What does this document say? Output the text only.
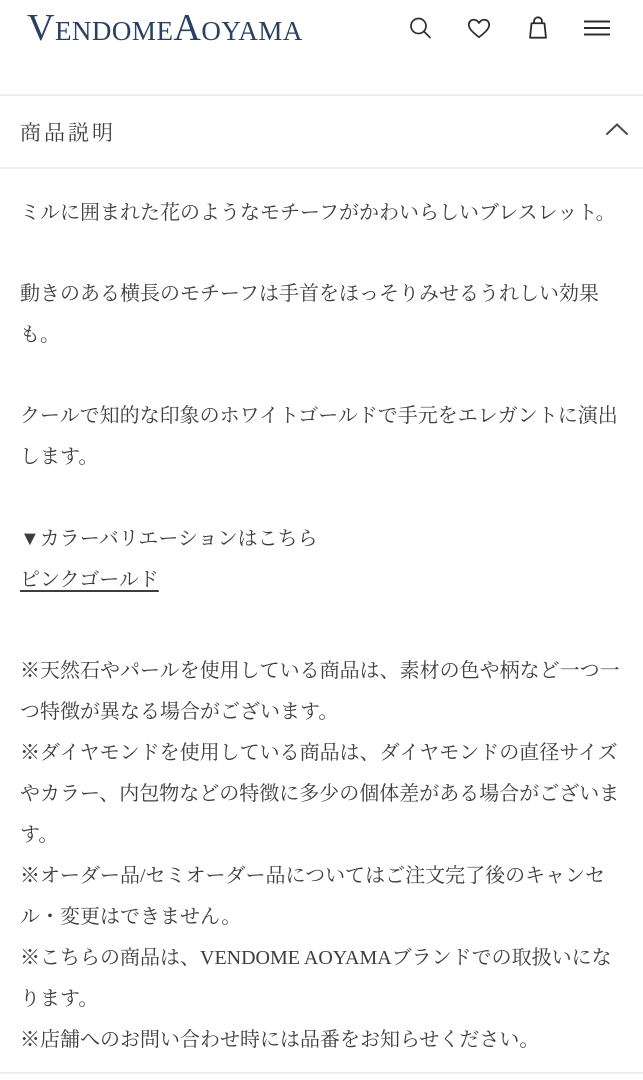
VendomeAoyama
商品説明

ミルに囲まれた花のようなモチーフがかわいらしいブレスレット。

動きのある横長のモチーフは手首をほっそりみせるうれしい効果も。

クールで知的な印象のホワイトゴールドで手元をエレガントに演出します。

▼カラーバリエーションはこちら

ピンクゴールド

※天然石やパールを使用している商品は、素材の色や柄など一つ一つ特徴が異なる場合がございます。

※ダイヤモンドを使用している商品は、ダイヤモンドの直径サイズやカラー、内包物などの特徴に多少の個体差がある場合がございます。

※オーダー品/セミオーダー品についてはご注文完了後のキャンセル・変更はできません。

※こちらの商品は、VENDOME AOYAMAブランドでの取扱いになります。

※店舗へのお問い合わせ時には品番をお知らせください。
